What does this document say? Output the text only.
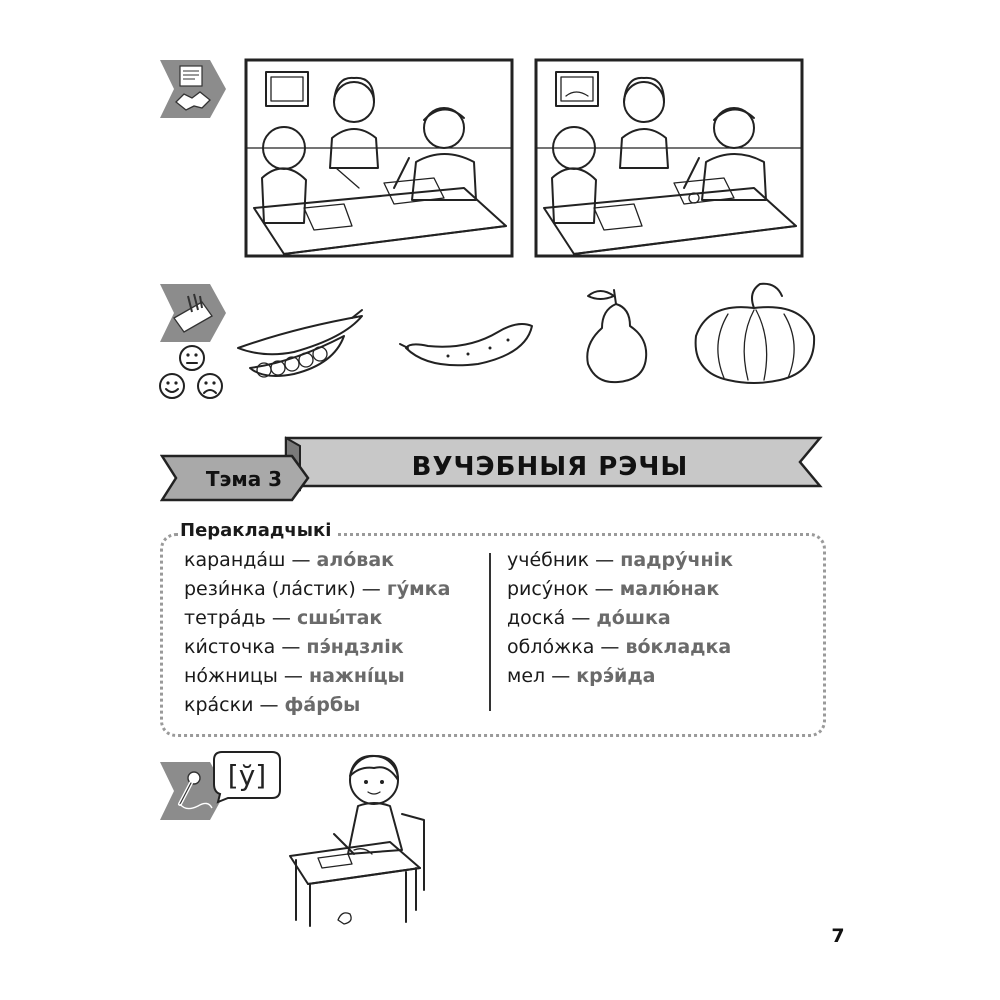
Тэма 3	ВУЧЭБНЫЯ РЭЧЫ
Перакладчыкі
каранда́ш — ало́вак
рези́нка (ла́стик) — гу́мка
тетра́дь — сшы́так
ки́сточка — пэ́ндзлік
но́жницы — нажні́цы
кра́ски — фа́рбы
уче́бник — падру́чнік
рису́нок — малю́нак
доска́ — до́шка
обло́жка — во́кладка
мел — крэ́йда
[ў]
7
